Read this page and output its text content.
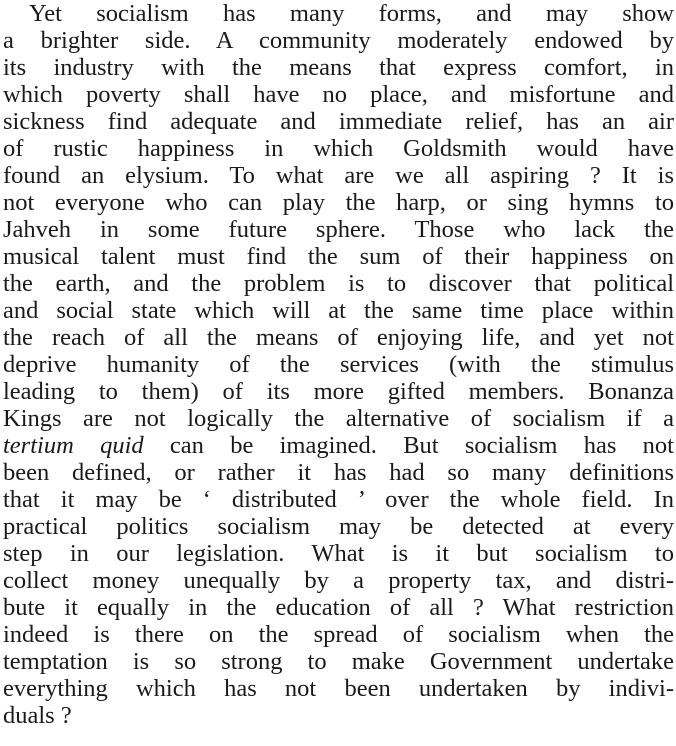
Yet socialism has many forms, and may show
a brighter side. A community moderately endowed by
its industry with the means that express comfort, in
which poverty shall have no place, and misfortune and
sickness find adequate and immediate relief, has an air
of rustic happiness in which Goldsmith would have
found an elysium. To what are we all aspiring ? It is
not everyone who can play the harp, or sing hymns to
Jahveh in some future sphere. Those who lack the
musical talent must find the sum of their happiness on
the earth, and the problem is to discover that political
and social state which will at the same time place within
the reach of all the means of enjoying life, and yet not
deprive humanity of the services (with the stimulus
leading to them) of its more gifted members. Bonanza
Kings are not logically the alternative of socialism if a
tertium quid can be imagined. But socialism has not
been defined, or rather it has had so many definitions
that it may be ‘ distributed ’ over the whole field. In
practical politics socialism may be detected at every
step in our legislation. What is it but socialism to
collect money unequally by a property tax, and distri-
bute it equally in the education of all ? What restriction
indeed is there on the spread of socialism when the
temptation is so strong to make Government undertake
everything which has not been undertaken by indivi-
duals ?
